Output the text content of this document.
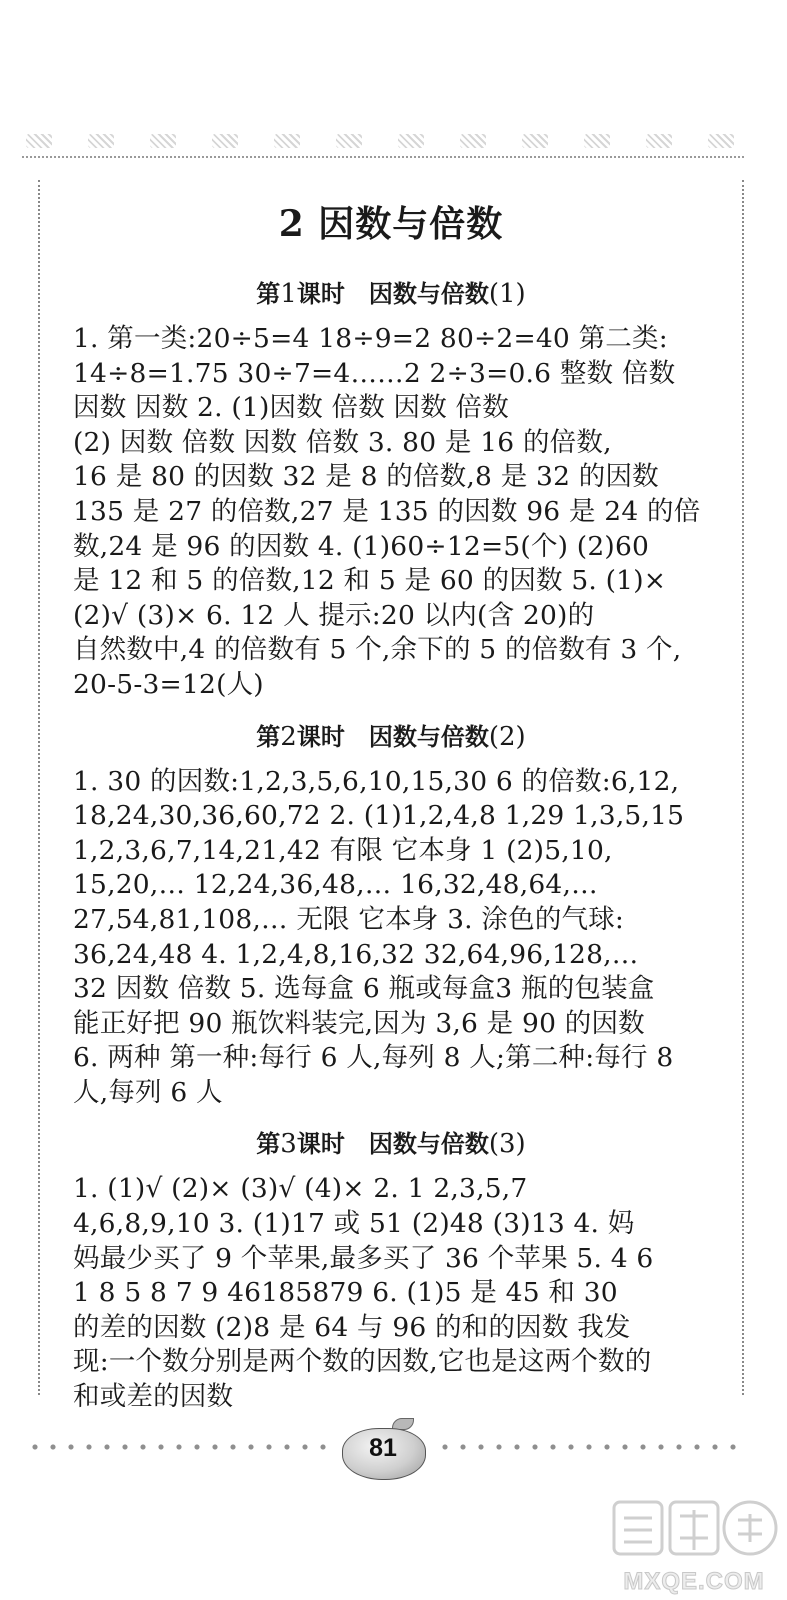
2 因数与倍数
第1课时 因数与倍数(1)
1. 第一类:20÷5=4 18÷9=2 80÷2=40 第二类:
14÷8=1.75 30÷7=4……2 2÷3=0.6 整数 倍数
因数 因数 2. (1)因数 倍数 因数 倍数
(2) 因数 倍数 因数 倍数 3. 80 是 16 的倍数,
16 是 80 的因数 32 是 8 的倍数,8 是 32 的因数
135 是 27 的倍数,27 是 135 的因数 96 是 24 的倍
数,24 是 96 的因数 4. (1)60÷12=5(个) (2)60
是 12 和 5 的倍数,12 和 5 是 60 的因数 5. (1)×
(2)√ (3)× 6. 12 人 提示:20 以内(含 20)的
自然数中,4 的倍数有 5 个,余下的 5 的倍数有 3 个,
20-5-3=12(人)
第2课时 因数与倍数(2)
1. 30 的因数:1,2,3,5,6,10,15,30 6 的倍数:6,12,
18,24,30,36,60,72 2. (1)1,2,4,8 1,29 1,3,5,15
1,2,3,6,7,14,21,42 有限 它本身 1 (2)5,10,
15,20,… 12,24,36,48,… 16,32,48,64,…
27,54,81,108,… 无限 它本身 3. 涂色的气球:
36,24,48 4. 1,2,4,8,16,32 32,64,96,128,…
32 因数 倍数 5. 选每盒 6 瓶或每盒3 瓶的包装盒
能正好把 90 瓶饮料装完,因为 3,6 是 90 的因数
6. 两种 第一种:每行 6 人,每列 8 人;第二种:每行 8
人,每列 6 人
第3课时 因数与倍数(3)
1. (1)√ (2)× (3)√ (4)× 2. 1 2,3,5,7
4,6,8,9,10 3. (1)17 或 51 (2)48 (3)13 4. 妈
妈最少买了 9 个苹果,最多买了 36 个苹果 5. 4 6
1 8 5 8 7 9 46185879 6. (1)5 是 45 和 30
的差的因数 (2)8 是 64 与 96 的和的因数 我发
现:一个数分别是两个数的因数,它也是这两个数的
和或差的因数
81
MXQE.COM
